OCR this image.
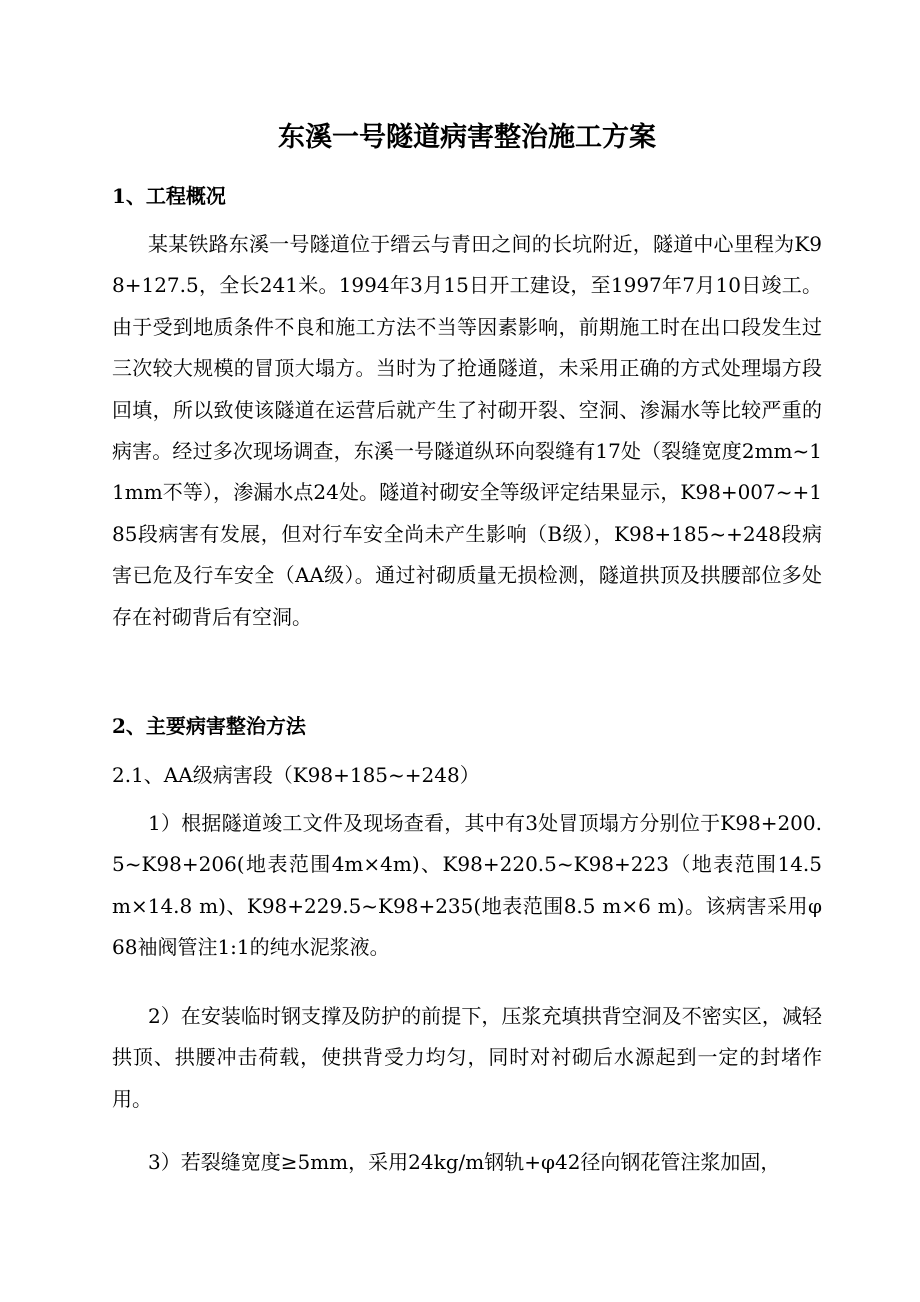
东溪一号隧道病害整治施工方案
1、工程概况
某某铁路东溪一号隧道位于缙云与青田之间的长坑附近，隧道中心里程为K98+127.5，全长241米。1994年3月15日开工建设，至1997年7月10日竣工。由于受到地质条件不良和施工方法不当等因素影响，前期施工时在出口段发生过三次较大规模的冒顶大塌方。当时为了抢通隧道，未采用正确的方式处理塌方段回填，所以致使该隧道在运营后就产生了衬砌开裂、空洞、渗漏水等比较严重的病害。经过多次现场调查，东溪一号隧道纵环向裂缝有17处（裂缝宽度2mm~11mm不等），渗漏水点24处。隧道衬砌安全等级评定结果显示，K98+007~+185段病害有发展，但对行车安全尚未产生影响（B级），K98+185~+248段病害已危及行车安全（AA级）。通过衬砌质量无损检测，隧道拱顶及拱腰部位多处存在衬砌背后有空洞。
2、主要病害整治方法
2.1、AA级病害段（K98+185~+248）
1）根据隧道竣工文件及现场查看，其中有3处冒顶塌方分别位于K98+200.5~K98+206(地表范围4m×4m)、K98+220.5~K98+223（地表范围14.5 m×14.8 m)、K98+229.5~K98+235(地表范围8.5 m×6 m)。该病害采用φ68袖阀管注1:1的纯水泥浆液。
2）在安装临时钢支撑及防护的前提下，压浆充填拱背空洞及不密实区，减轻拱顶、拱腰冲击荷载，使拱背受力均匀，同时对衬砌后水源起到一定的封堵作用。
3）若裂缝宽度≥5mm，采用24kg/m钢轨+φ42径向钢花管注浆加固，
